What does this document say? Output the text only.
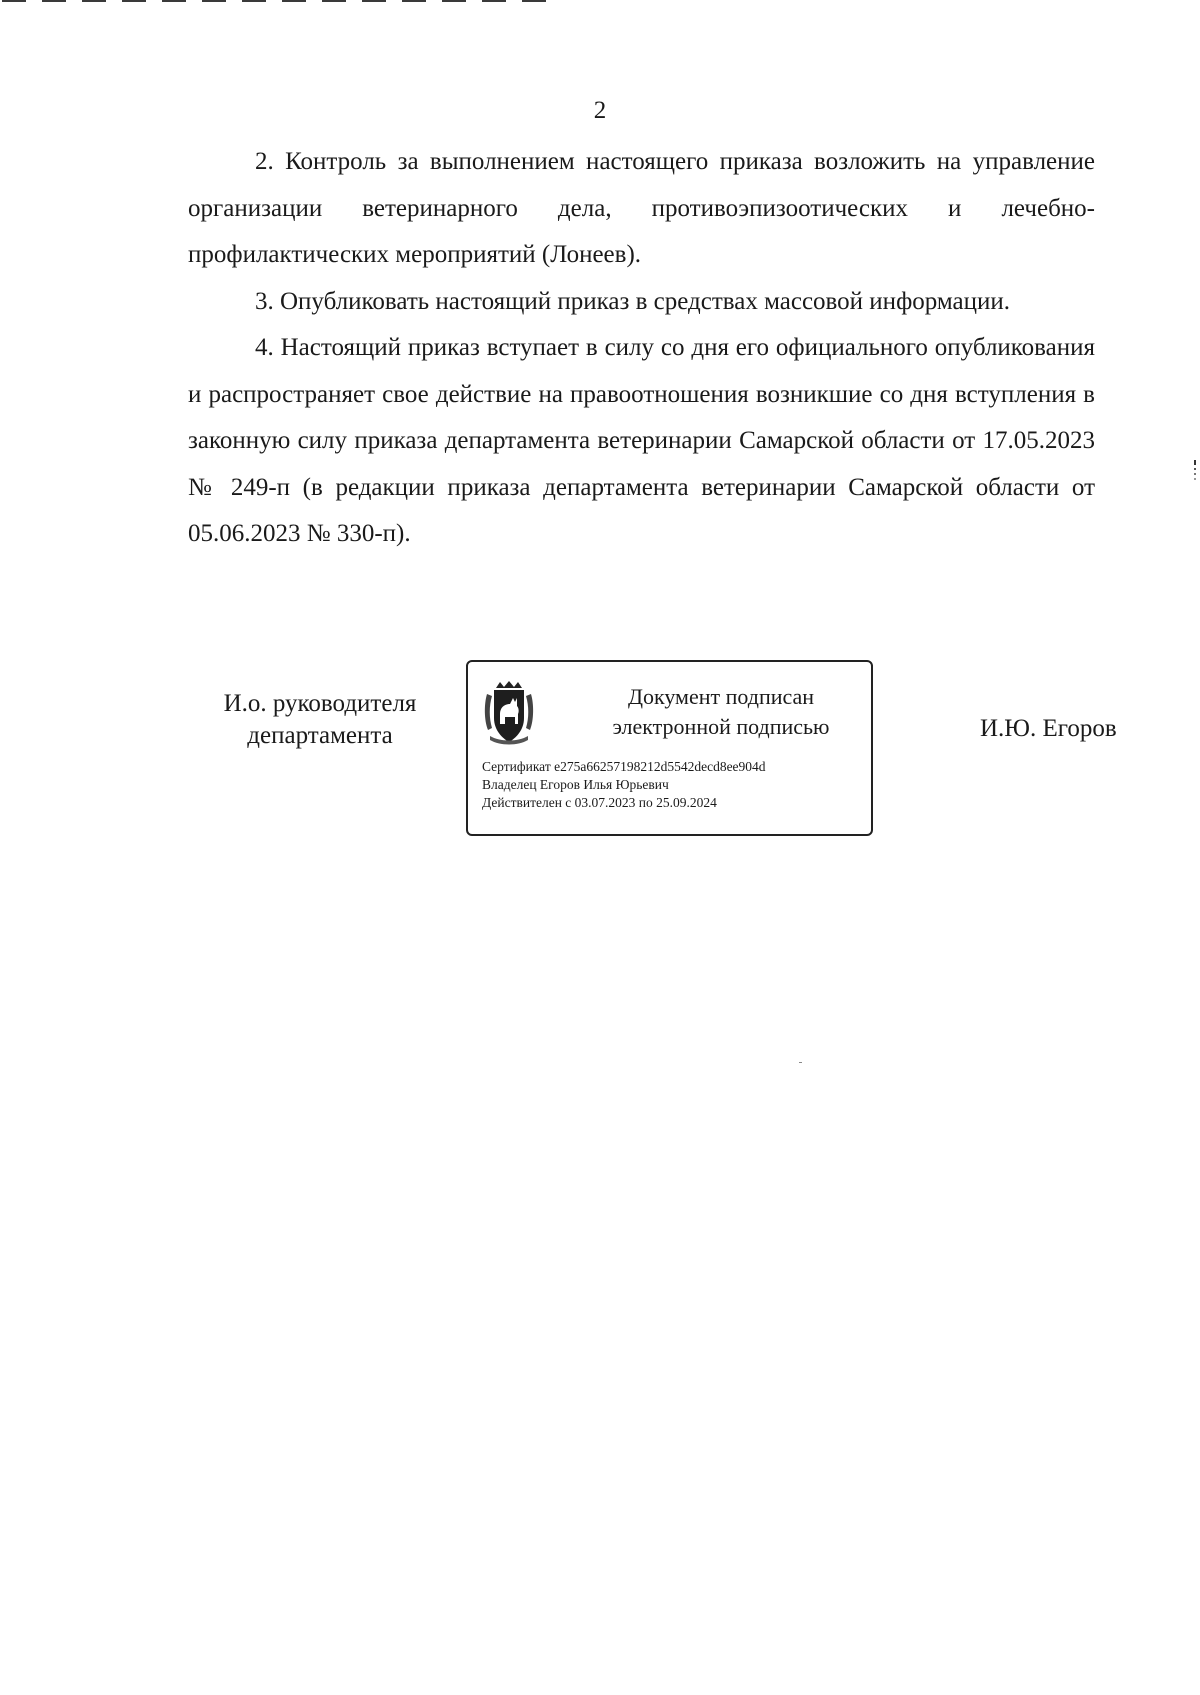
2

2. Контроль за выполнением настоящего приказа возложить на управление организации ветеринарного дела, противоэпизоотических и лечебно-профилактических мероприятий (Лонеев).

3. Опубликовать настоящий приказ в средствах массовой информации.

4. Настоящий приказ вступает в силу со дня его официального опубликования и распространяет свое действие на правоотношения возникшие со дня вступления в законную силу приказа департамента ветеринарии Самарской области от 17.05.2023 № 249-п (в редакции приказа департамента ветеринарии Самарской области от 05.06.2023 № 330-п).

И.о. руководителя
департамента
Документ подписан
электронной подписью
Сертификат e275a66257198212d5542decd8ee904d
Владелец Егоров Илья Юрьевич
Действителен с 03.07.2023 по 25.09.2024
И.Ю. Егоров
